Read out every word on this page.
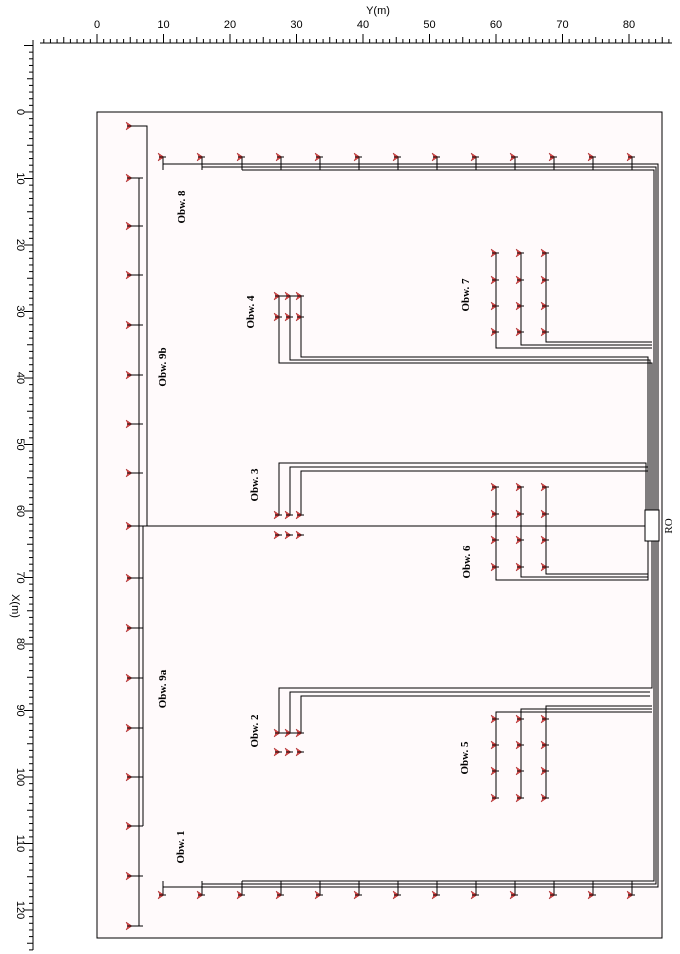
0	10	20	30	40	50	60	70	80
Y(m)
0
10
20
30
40
50
60
70
80
90
100
110
120
X(m)
RO
Obw. 1
Obw. 2
Obw. 3
Obw. 4
Obw. 5
Obw. 6
Obw. 7
Obw. 8
Obw. 9a
Obw. 9b
